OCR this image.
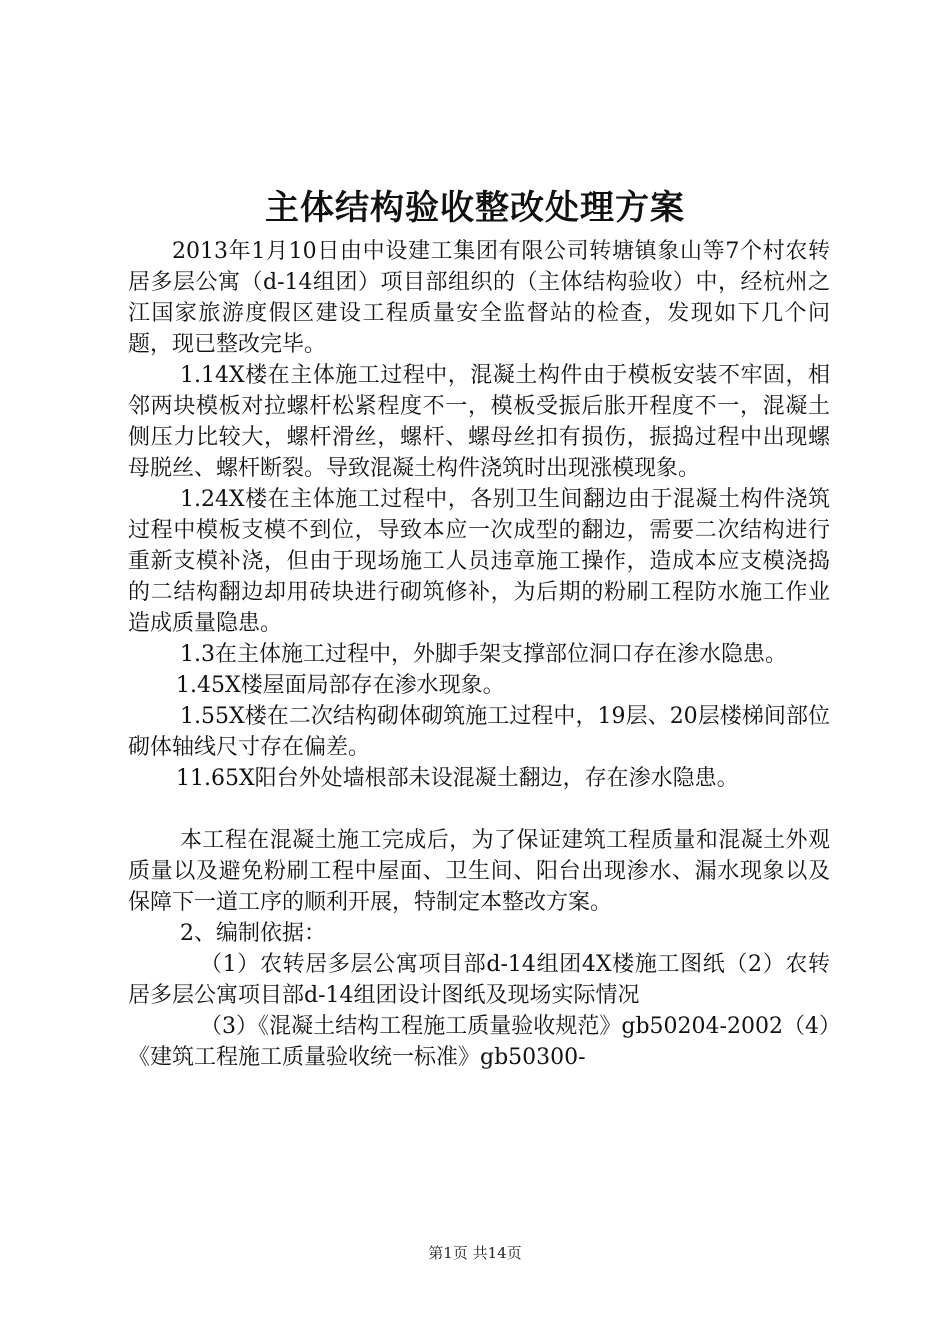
主体结构验收整改处理方案

2013年1月10日由中设建工集团有限公司转塘镇象山等7个村农转居多层公寓（d-14组团）项目部组织的（主体结构验收）中，经杭州之江国家旅游度假区建设工程质量安全监督站的检查，发现如下几个问题，现已整改完毕。

1.14X楼在主体施工过程中，混凝土构件由于模板安装不牢固，相邻两块模板对拉螺杆松紧程度不一，模板受振后胀开程度不一，混凝土侧压力比较大，螺杆滑丝，螺杆、螺母丝扣有损伤，振捣过程中出现螺母脱丝、螺杆断裂。导致混凝土构件浇筑时出现涨模现象。

1.24X楼在主体施工过程中，各别卫生间翻边由于混凝土构件浇筑过程中模板支模不到位，导致本应一次成型的翻边，需要二次结构进行重新支模补浇，但由于现场施工人员违章施工操作，造成本应支模浇捣的二结构翻边却用砖块进行砌筑修补，为后期的粉刷工程防水施工作业造成质量隐患。

1.3在主体施工过程中，外脚手架支撑部位洞口存在渗水隐患。

1.45X楼屋面局部存在渗水现象。

1.55X楼在二次结构砌体砌筑施工过程中，19层、20层楼梯间部位砌体轴线尺寸存在偏差。

11.65X阳台外处墙根部未设混凝土翻边，存在渗水隐患。

本工程在混凝土施工完成后，为了保证建筑工程质量和混凝土外观质量以及避免粉刷工程中屋面、卫生间、阳台出现渗水、漏水现象以及保障下一道工序的顺利开展，特制定本整改方案。

2、编制依据：

（1）农转居多层公寓项目部d-14组团4X楼施工图纸（2）农转居多层公寓项目部d-14组团设计图纸及现场实际情况

（3）《混凝土结构工程施工质量验收规范》gb50204-2002（4）《建筑工程施工质量验收统一标准》gb50300-

第1页 共14页
